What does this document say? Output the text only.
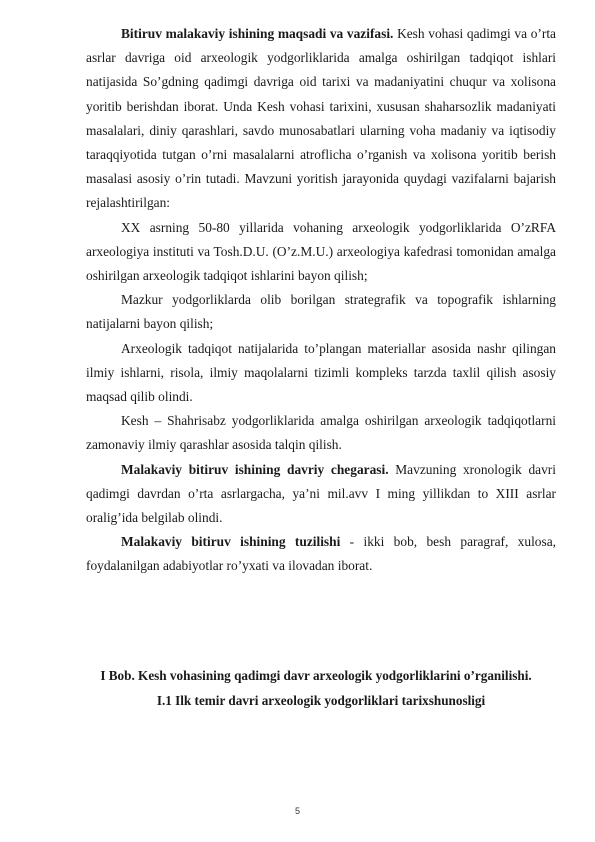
Bitiruv malakaviy ishining maqsadi va vazifasi. Kesh vohasi qadimgi va o’rta asrlar davriga oid arxeologik yodgorliklarida amalga oshirilgan tadqiqot ishlari natijasida So’gdning qadimgi davriga oid tarixi va madaniyatini chuqur va xolisona yoritib berishdan iborat. Unda Kesh vohasi tarixini, xususan shaharsozlik madaniyati masalalari, diniy qarashlari, savdo munosabatlari ularning voha madaniy va iqtisodiy taraqqiyotida tutgan o’rni masalalarni atroflicha o’rganish va xolisona yoritib berish masalasi asosiy o’rin tutadi. Mavzuni yoritish jarayonida quydagi vazifalarni bajarish rejalashtirilgan:

XX asrning 50-80 yillarida vohaning arxeologik yodgorliklarida O’zRFA arxeologiya instituti va Tosh.D.U. (O’z.M.U.) arxeologiya kafedrasi tomonidan amalga oshirilgan arxeologik tadqiqot ishlarini bayon qilish;

Mazkur yodgorliklarda olib borilgan strategrafik va topografik ishlarning natijalarni bayon qilish;

Arxeologik tadqiqot natijalarida to’plangan materiallar asosida nashr qilingan ilmiy ishlarni, risola, ilmiy maqolalarni tizimli kompleks tarzda taxlil qilish asosiy maqsad qilib olindi.

Kesh – Shahrisabz yodgorliklarida amalga oshirilgan arxeologik tadqiqotlarni zamonaviy ilmiy qarashlar asosida talqin qilish.

Malakaviy bitiruv ishining davriy chegarasi. Mavzuning xronologik davri qadimgi davrdan o’rta asrlargacha, ya’ni mil.avv I ming yillikdan to XIII asrlar oralig’ida belgilab olindi.

Malakaviy bitiruv ishining tuzilishi - ikki bob, besh paragraf, xulosa, foydalanilgan adabiyotlar ro’yxati va ilovadan iborat.

I Bob. Kesh vohasining qadimgi davr arxeologik yodgorliklarini o’rganilishi.

I.1 Ilk temir davri arxeologik yodgorliklari tarixshunosligi

5
